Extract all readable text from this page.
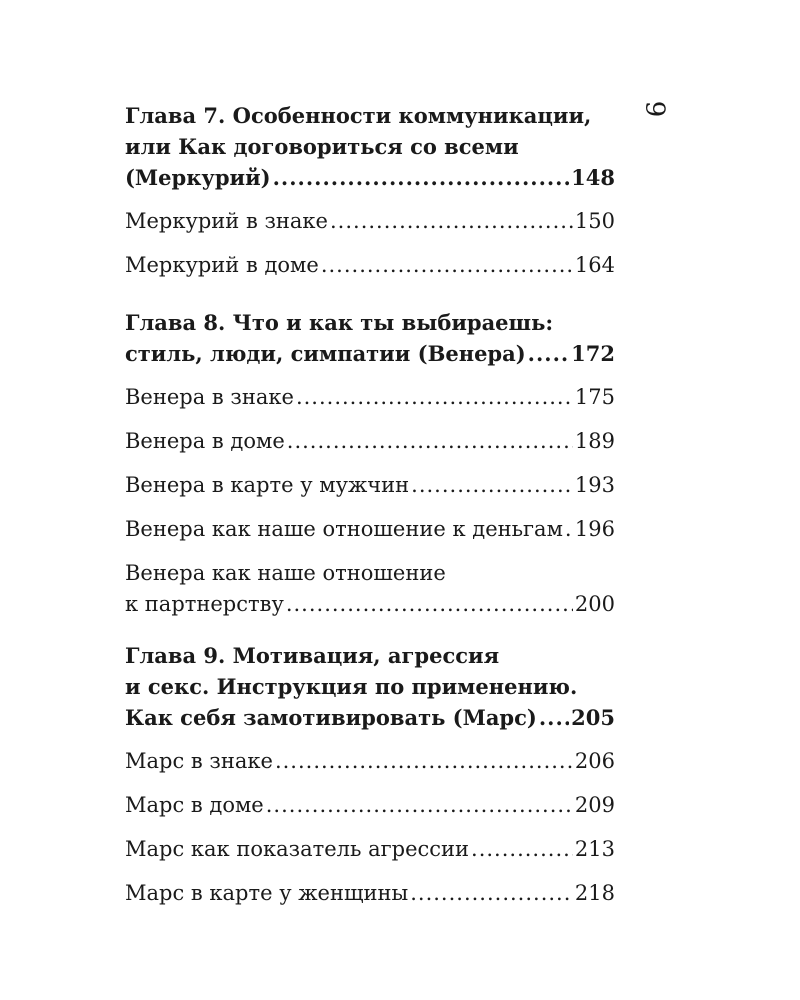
9
Глава 7. Особенности коммуникации,
или Как договориться со всеми
(Меркурий) .....	148
Меркурий в знаке .....	150
Меркурий в доме .....	164
Глава 8. Что и как ты выбираешь:
стиль, люди, симпатии (Венера) ..... 172
Венера в знаке .....	175
Венера в доме .....	189
Венера в карте у мужчин .....	193
Венера как наше отношение к деньгам ..... 196
Венера как наше отношение
к партнерству .....	200
Глава 9. Мотивация, агрессия
и секс. Инструкция по применению.
Как себя замотивировать (Марс) ..... 205
Марс в знаке .....	206
Марс в доме .....	209
Марс как показатель агрессии .....	213
Марс в карте у женщины .....	218
